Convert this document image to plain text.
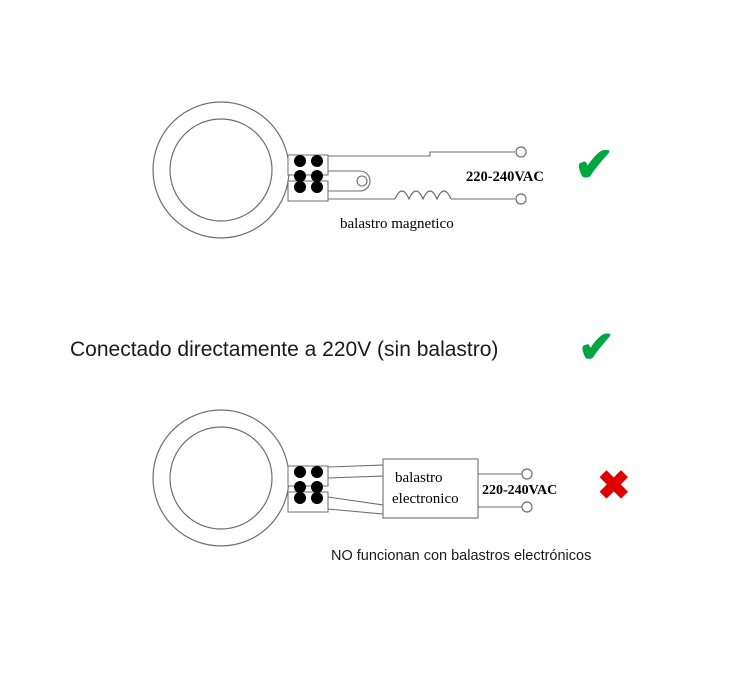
220-240VAC
balastro magnetico
Conectado directamente a 220V (sin balastro)
balastro
electronico
220-240VAC
NO funcionan con balastros electrónicos
✔
✔
✖
